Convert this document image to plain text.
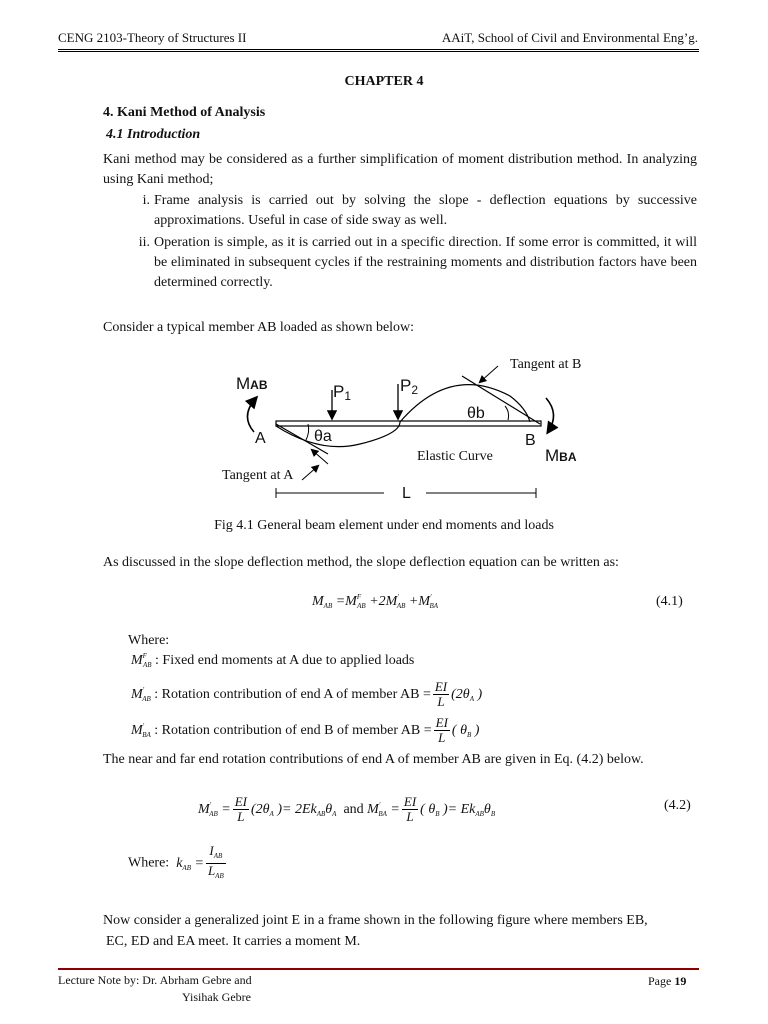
CENG 2103-Theory of Structures II	AAiT, School of Civil and Environmental Eng’g.
CHAPTER 4
4. Kani Method of Analysis
4.1 Introduction
Kani method may be considered as a further simplification of moment distribution method. In analyzing using Kani method;
i. Frame analysis is carried out by solving the slope - deflection equations by successive approximations. Useful in case of side sway as well.
ii. Operation is simple, as it is carried out in a specific direction. If some error is committed, it will be eliminated in subsequent cycles if the restraining moments and distribution factors have been determined correctly.
Consider a typical member AB loaded as shown below:
MAB	P1
P2
Tangent at B
θb
A	θa	B
MBA
Elastic Curve
Tangent at A
L
Fig 4.1 General beam element under end moments and loads
As discussed in the slope deflection method, the slope deflection equation can be written as:
$M_{AB} =M^F_{AB} +2M'_{AB} +M'_{BA}$	(4.1)
Where:
$M^F_{AB}$ : Fixed end moments at A due to applied loads
$M'_{AB}$ : Rotation contribution of end A of member AB = $\frac{EI}{L} (2\theta_A$ )
$M'_{BA}$ : Rotation contribution of end B of member AB = $\frac{EI}{L}$ ( $\theta_B$ )
The near and far end rotation contributions of end A of member AB are given in Eq. (4.2) below.
$M'_{AB} = \frac{EI}{L} (2\theta_A$ )= $2Ek_{AB}\theta_A$ and $M'_{BA} = \frac{EI}{L}$ ( $\theta_B$ )= $Ek_{AB}\theta_B$
(4.2)
Where: $k_{AB} = \frac{I_{AB}}{L_{AB}}$
Now consider a generalized joint E in a frame shown in the following figure where members EB,
EC, ED and EA meet. It carries a moment M.
Lecture Note by: Dr. Abrham Gebre and
Yisihak Gebre
Page 19
